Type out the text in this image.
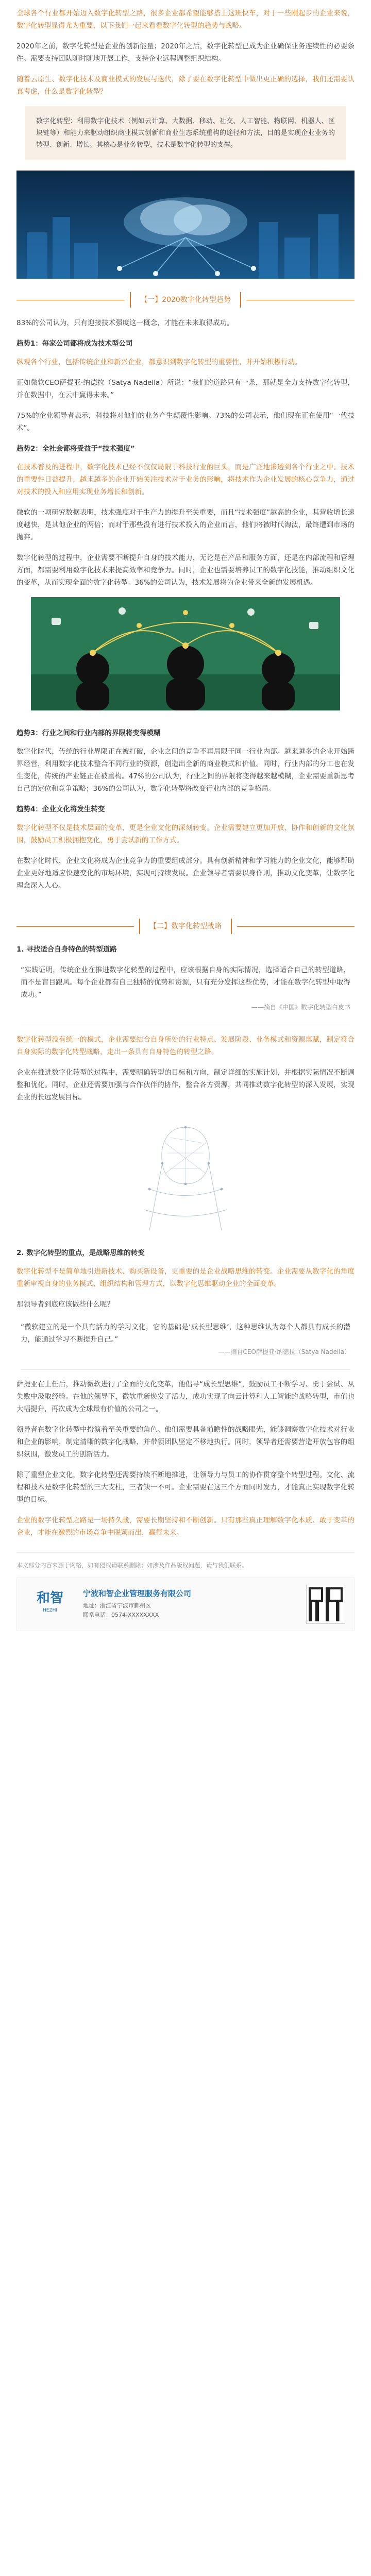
全球各个行业都开始迈入数字化转型之路，很多企业都希望能够搭上这班快车，对于一些刚起步的企业来说，数字化转型显得尤为重要，以下我们一起来看看数字化转型的趋势与战略。

2020年之前，数字化转型是企业的创新能量；2020年之后，数字化转型已成为企业确保业务连续性的必要条件。需要支持团队随时随地开展工作，支持企业远程调整组织结构。

随着云原生、数字化技术及商业模式的发展与迭代，除了要在数字化转型中做出更正确的选择，我们还需要认真考虑，什么是数字化转型？

数字化转型：利用数字化技术（例如云计算、大数据、移动、社交、人工智能、物联网、机器人、区块链等）和能力来驱动组织商业模式创新和商业生态系统重构的途径和方法，目的是实现企业业务的转型、创新、增长。其核心是业务转型，技术是数字化转型的支撑。
【一】2020数字化转型趋势

83%的公司认为，只有迎接技术强度这一概念，才能在未来取得成功。

趋势1：每家公司都将成为技术型公司

纵观各个行业，包括传统企业和新兴企业，都意识到数字化转型的重要性，并开始积极行动。

正如微软CEO萨提亚·纳德拉（Satya Nadella）所说：“我们的道路只有一条，那就是全力支持数字化转型，并在数据中，在云中赢得未来。”

75%的企业领导者表示，科技将对他们的业务产生颠覆性影响。73%的公司表示，他们现在正在使用“一代技术”。

趋势2：全社会都将受益于“技术强度”

在技术普及的进程中，数字化技术已经不仅仅局限于科技行业的巨头，而是广泛地渗透到各个行业之中。技术的重要性日益提升，越来越多的企业开始关注技术对于业务的影响，将技术作为企业发展的核心竞争力，通过对技术的投入和应用实现业务增长和创新。

微软的一项研究数据表明，技术强度对于生产力的提升至关重要，而且“技术强度”越高的企业，其营收增长速度越快，是其他企业的两倍；而对于那些没有进行技术投入的企业而言，他们将被时代淘汰，最终遭到市场的抛弃。

数字化转型的过程中，企业需要不断提升自身的技术能力，无论是在产品和服务方面，还是在内部流程和管理方面，都需要利用数字化技术来提高效率和竞争力。同时，企业也需要培养员工的数字化技能，推动组织文化的变革，从而实现全面的数字化转型。36%的公司认为，技术发展将为企业带来全新的发展机遇。

趋势3：行业之间和行业内部的界限将变得模糊

数字化时代，传统的行业界限正在被打破，企业之间的竞争不再局限于同一行业内部。越来越多的企业开始跨界经营，利用数字化技术整合不同行业的资源，创造出全新的商业模式和价值。同时，行业内部的分工也在发生变化，传统的产业链正在被重构。47%的公司认为，行业之间的界限将变得越来越模糊，企业需要重新思考自己的定位和竞争策略；36%的公司认为，数字化转型将改变行业内部的竞争格局。

趋势4：企业文化将发生转变

数字化转型不仅是技术层面的变革，更是企业文化的深刻转变。企业需要建立更加开放、协作和创新的文化氛围，鼓励员工积极拥抱变化，勇于尝试新的工作方式。

在数字化时代，企业文化将成为企业竞争力的重要组成部分。具有创新精神和学习能力的企业文化，能够帮助企业更好地适应快速变化的市场环境，实现可持续发展。企业领导者需要以身作则，推动文化变革，让数字化理念深入人心。

【二】数字化转型战略
1. 寻找适合自身特色的转型道路

“实践证明，传统企业在推进数字化转型的过程中，应该根据自身的实际情况，选择适合自己的转型道路，而不是盲目跟风。每个企业都有自己独特的优势和资源，只有充分发挥这些优势，才能在数字化转型中取得成功。”

——摘自《中国》数字化转型白皮书

数字化转型没有统一的模式，企业需要结合自身所处的行业特点、发展阶段、业务模式和资源禀赋，制定符合自身实际的数字化转型战略，走出一条具有自身特色的转型之路。

企业在推进数字化转型的过程中，需要明确转型的目标和方向，制定详细的实施计划，并根据实际情况不断调整和优化。同时，企业还需要加强与合作伙伴的协作，整合各方资源，共同推动数字化转型的深入发展，实现企业的长远发展目标。

2. 数字化转型的重点，是战略思维的转变

数字化转型不是简单地引进新技术、购买新设备，更重要的是企业战略思维的转变。企业需要从数字化的角度重新审视自身的业务模式、组织结构和管理方式，以数字化思维驱动企业的全面变革。

那领导者到底应该做些什么呢？

“微软建立的是一个具有活力的学习文化，它的基础是‘成长型思维’，这种思维认为每个人都具有成长的潜力，能通过学习不断提升自己。”

——摘自CEO萨提亚·纳德拉（Satya Nadella）

萨提亚在上任后，推动微软进行了全面的文化变革，他倡导“成长型思维”，鼓励员工不断学习、勇于尝试、从失败中汲取经验。在他的领导下，微软重新焕发了活力，成功实现了向云计算和人工智能的战略转型，市值也大幅提升，再次成为全球最有价值的公司之一。

领导者在数字化转型中扮演着至关重要的角色。他们需要具备前瞻性的战略眼光，能够洞察数字化技术对行业和企业的影响，制定清晰的数字化战略，并带领团队坚定不移地执行。同时，领导者还需要营造开放包容的组织氛围，激发员工的创新活力。

除了重塑企业文化，数字化转型还需要持续不断地推进，让领导力与员工的协作贯穿整个转型过程。文化、流程和技术是数字化转型的三大支柱，三者缺一不可。企业需要在这三个方面同时发力，才能真正实现数字化转型的目标。

企业的数字化转型之路是一场持久战，需要长期坚持和不断创新。只有那些真正理解数字化本质、敢于变革的企业，才能在激烈的市场竞争中脱颖而出，赢得未来。

本文部分内容来源于网络，如有侵权请联系删除；如涉及作品版权问题，请与我们联系。

和智
HEZHI
宁波和智企业管理服务有限公司
地址：浙江省宁波市鄞州区
联系电话：0574-XXXXXXXX
